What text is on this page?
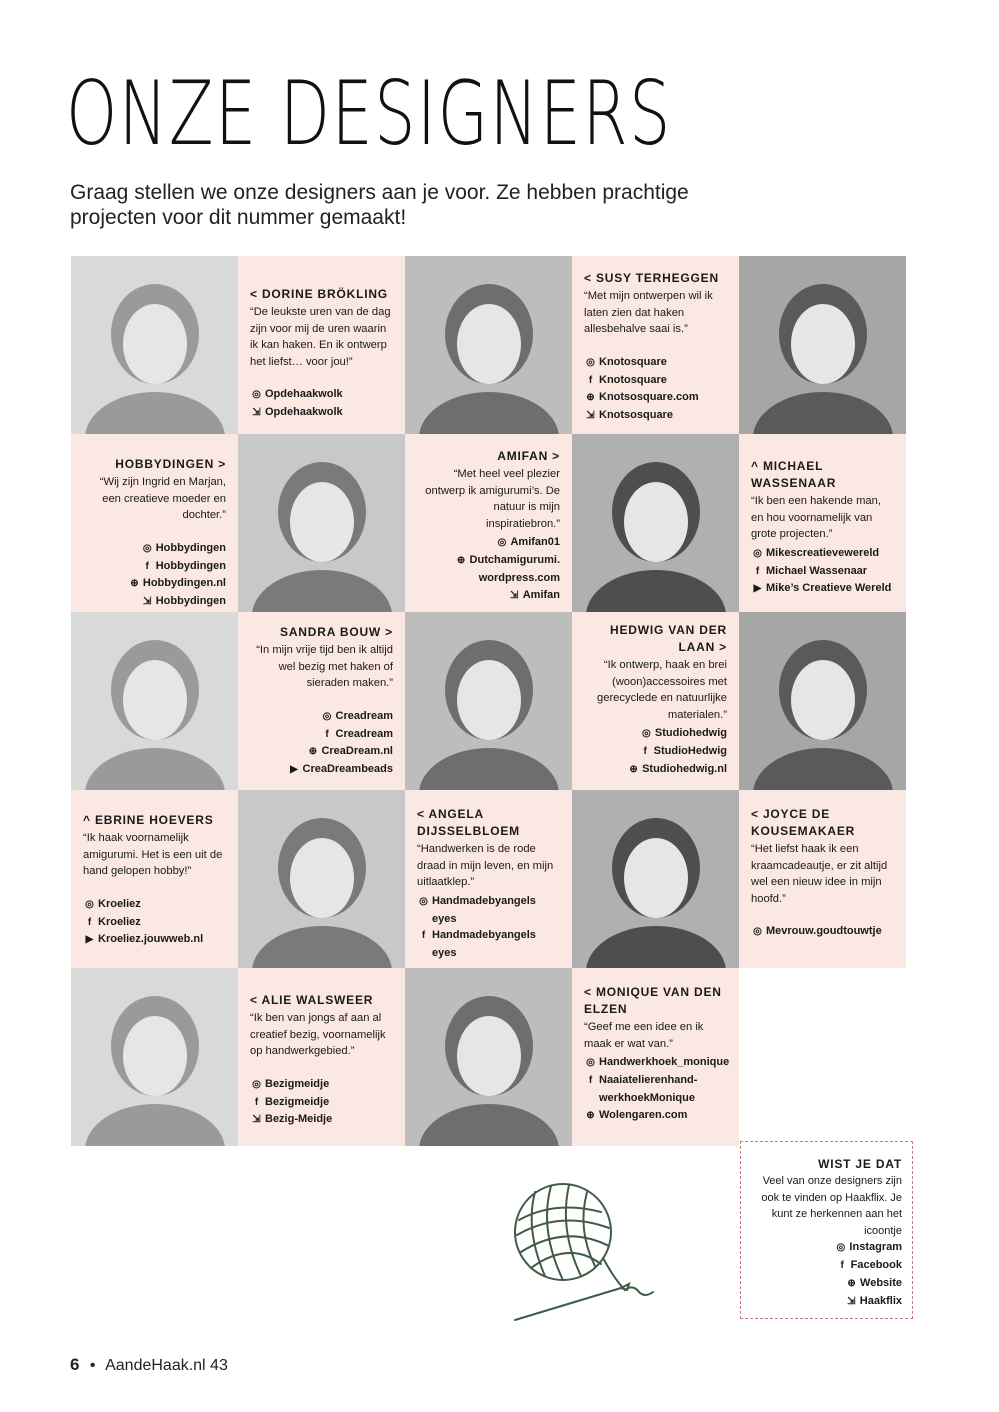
ONZE DESIGNERS
Graag stellen we onze designers aan je voor. Ze hebben prachtige projecten voor dit nummer gemaakt!
< DORINE BRÖKLING
“De leukste uren van de dag zijn voor mij de uren waarin ik kan haken. En ik ontwerp het liefst… voor jou!”
◎ Opdehaakwolk
⇲ Opdehaakwolk
< SUSY TERHEGGEN
“Met mijn ontwerpen wil ik laten zien dat haken allesbehalve saai is.”
◎ Knotosquare
f Knotosquare
⊕ Knotsosquare.com
⇲ Knotsosquare
HOBBYDINGEN >
“Wij zijn Ingrid en Marjan, een creatieve moeder en dochter.”
◎ Hobbydingen
f Hobbydingen
⊕ Hobbydingen.nl
⇲ Hobbydingen
AMIFAN >
“Met heel veel plezier ontwerp ik amigurumi’s. De natuur is mijn inspiratiebron.”
◎ Amifan01
⊕ Dutchamigurumi.
wordpress.com
⇲ Amifan
^ MICHAEL WASSENAAR
“Ik ben een hakende man, en hou voornamelijk van grote projecten.”
◎ Mikescreatievewereld
f Michael Wassenaar
▶ Mike’s Creatieve Wereld
SANDRA BOUW >
“In mijn vrije tijd ben ik altijd wel bezig met haken of sieraden maken.”
◎ Creadream
f Creadream
⊕ CreaDream.nl
▶ CreaDreambeads
HEDWIG VAN DER LAAN >
“Ik ontwerp, haak en brei (woon)accessoires met gerecyclede en natuurlijke materialen.”
◎ Studiohedwig
f StudioHedwig
⊕ Studiohedwig.nl
^ EBRINE HOEVERS
“Ik haak voornamelijk amigurumi. Het is een uit de hand gelopen hobby!”
◎ Kroeliez
f Kroeliez
▶ Kroeliez.jouwweb.nl
< ANGELA DIJSSELBLOEM
“Handwerken is de rode draad in mijn leven, en mijn uitlaatklep.”
◎ Handmadebyangels
eyes
f Handmadebyangels
eyes
< JOYCE DE KOUSEMAKAER
“Het liefst haak ik een kraamcadeautje, er zit altijd wel een nieuw idee in mijn hoofd.”
◎ Mevrouw.goudtouwtje
< ALIE WALSWEER
“Ik ben van jongs af aan al creatief bezig, voornamelijk op handwerkgebied.”
◎ Bezigmeidje
f Bezigmeidje
⇲ Bezig-Meidje
< MONIQUE VAN DEN ELZEN
“Geef me een idee en ik maak er wat van.”
◎ Handwerkhoek_monique
f Naaiatelierenhand-
werkhoekMonique
⊕ Wolengaren.com
WIST JE DAT
Veel van onze designers zijn ook te vinden op Haakflix. Je kunt ze herkennen aan het icoontje
◎ Instagram
f Facebook
⊕ Website
⇲ Haakflix
6 • AandeHaak.nl 43
